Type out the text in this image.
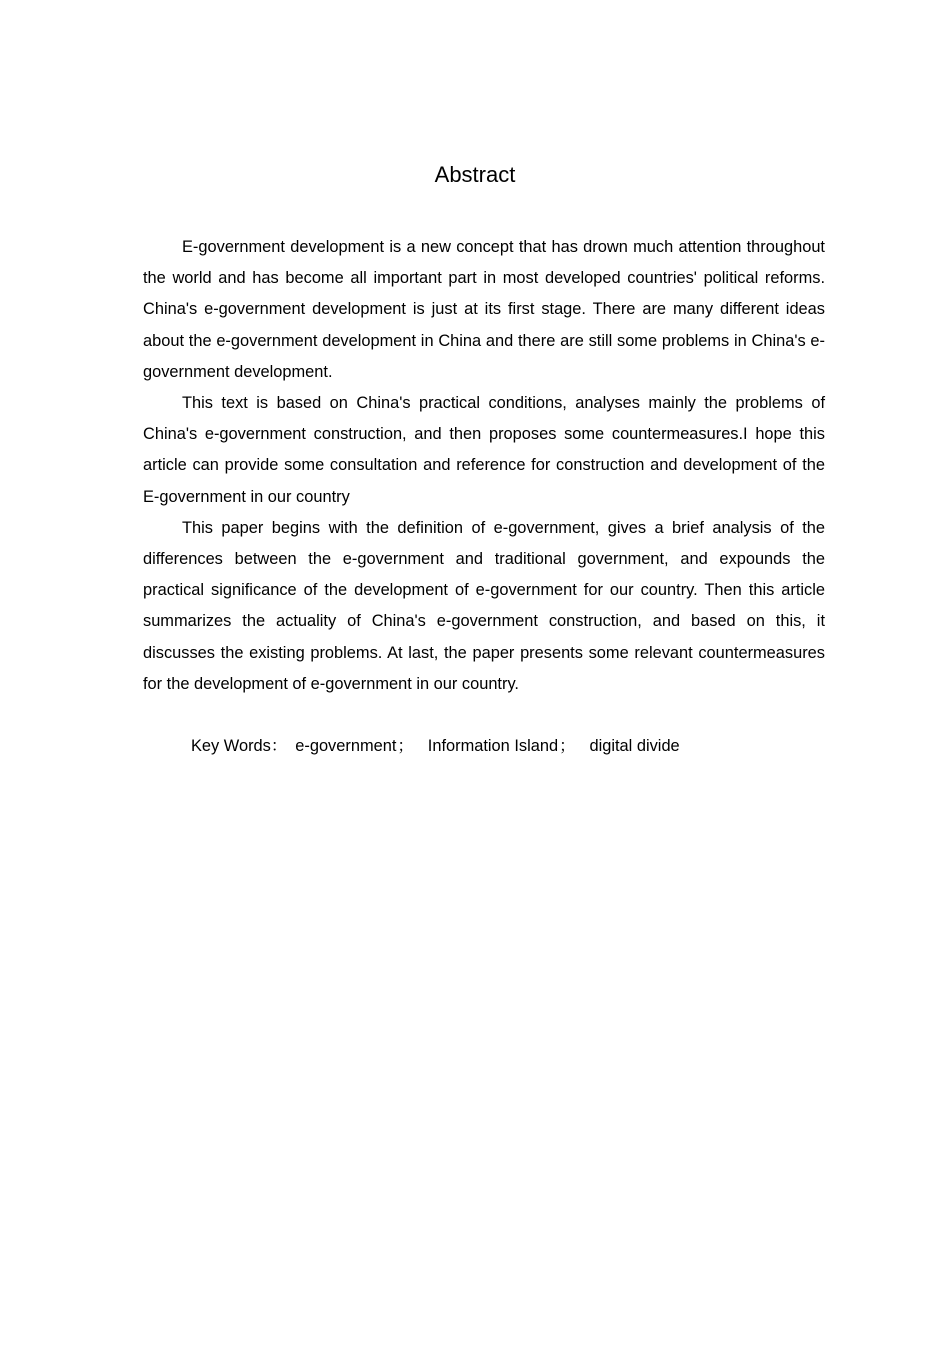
Abstract

E-government development is a new concept that has drown much attention throughout the world and has become all important part in most developed countries' political reforms. China's e-government development is just at its first stage. There are many different ideas about the e-government development in China and there are still some problems in China's e-government development.

This text is based on China's practical conditions, analyses mainly the problems of China's e-government construction, and then proposes some countermeasures.I hope this article can provide some consultation and reference for construction and development of the E-government in our country

This paper begins with the definition of e-government, gives a brief analysis of the differences between the e-government and traditional government, and expounds the practical significance of the development of e-government for our country. Then this article summarizes the actuality of China's e-government construction, and based on this, it discusses the existing problems. At last, the paper presents some relevant countermeasures for the development of e-government in our country.

Key Words： e-government； Information Island； digital divide
